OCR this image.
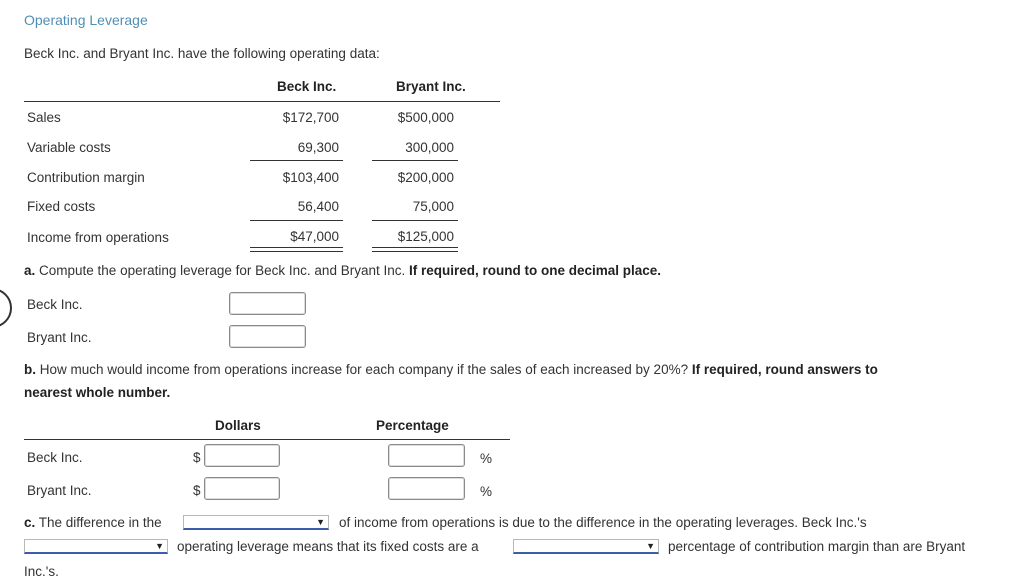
Operating Leverage
Beck Inc. and Bryant Inc. have the following operating data:
Beck Inc.	Bryant Inc.
Sales	$172,700	$500,000
Variable costs	69,300	300,000
Contribution margin	$103,400	$200,000
Fixed costs	56,400	75,000
Income from operations	$47,000	$125,000
a. Compute the operating leverage for Beck Inc. and Bryant Inc. If required, round to one decimal place.
Beck Inc.
Bryant Inc.
b. How much would income from operations increase for each company if the sales of each increased by 20%? If required, round answers to
nearest whole number.
Dollars	Percentage
Beck Inc.	$	%
Bryant Inc.	$	%
c. The difference in the	▼ of income from operations is due to the difference in the operating leverages. Beck Inc.'s
▼ operating leverage means that its fixed costs are a	▼ percentage of contribution margin than are Bryant
Inc.'s.
